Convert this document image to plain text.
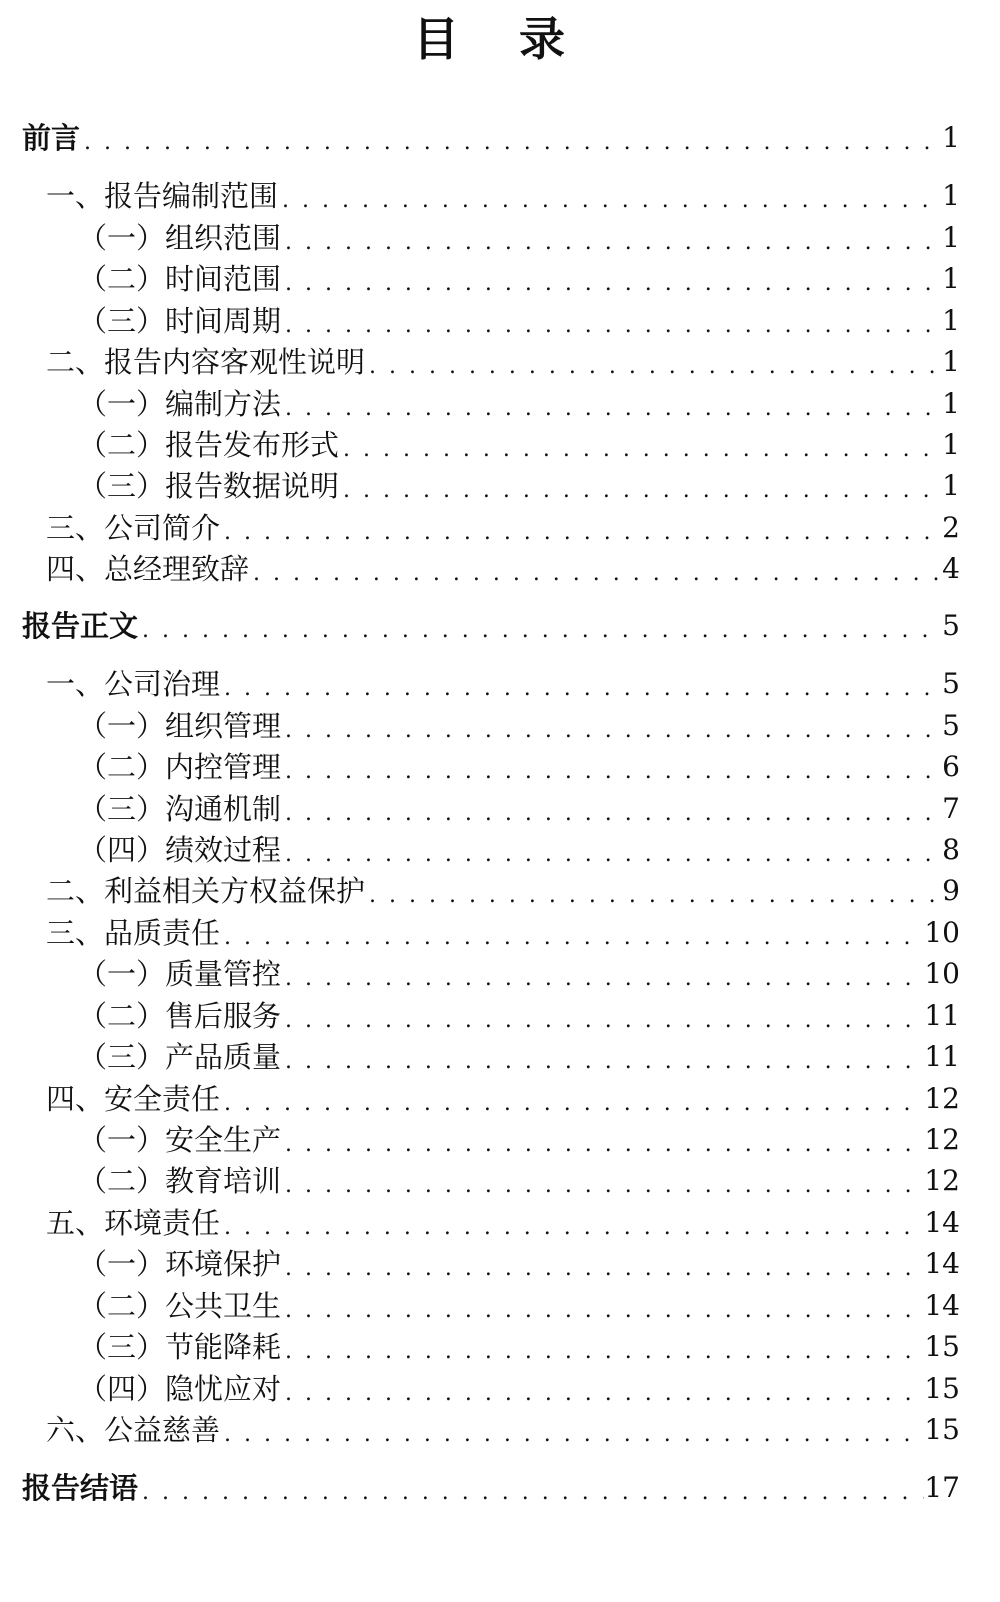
目 录
前言 . . .	1
一、报告编制范围 . . .	1
（一）组织范围 . . .	1
（二）时间范围 . . .	1
（三）时间周期 . . .	1
二、报告内容客观性说明 . . .	1
（一）编制方法 . . .	1
（二）报告发布形式 . . .	1
（三）报告数据说明 . . .	1
三、公司简介 . . .	2
四、总经理致辞 . . .	4
报告正文 . . .	5
一、公司治理 . . .	5
（一）组织管理 . . .	5
（二）内控管理 . . .	6
（三）沟通机制 . . .	7
（四）绩效过程 . . .	8
二、利益相关方权益保护 . . .	9
三、品质责任 . . .	10
（一）质量管控 . . .	10
（二）售后服务 . . .	11
（三）产品质量 . . .	11
四、安全责任 . . .	12
（一）安全生产 . . .	12
（二）教育培训 . . .	12
五、环境责任 . . .	14
（一）环境保护 . . .	14
（二）公共卫生 . . .	14
（三）节能降耗 . . .	15
（四）隐忧应对 . . .	15
六、公益慈善 . . .	15
报告结语 . . .	17
